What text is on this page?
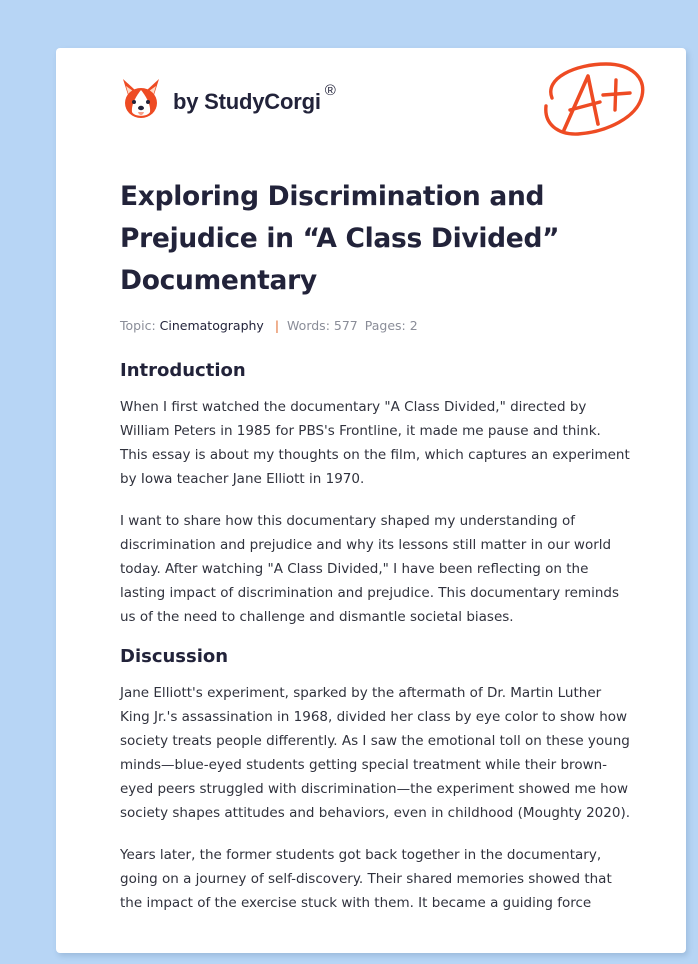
by StudyCorgi ®
Exploring Discrimination and Prejudice in “A Class Divided” Documentary
Topic: Cinematography | Words: 577 Pages: 2
Introduction

When I first watched the documentary "A Class Divided," directed by William Peters in 1985 for PBS's Frontline, it made me pause and think. This essay is about my thoughts on the film, which captures an experiment by Iowa teacher Jane Elliott in 1970.

I want to share how this documentary shaped my understanding of discrimination and prejudice and why its lessons still matter in our world today. After watching "A Class Divided," I have been reflecting on the lasting impact of discrimination and prejudice. This documentary reminds us of the need to challenge and dismantle societal biases.

Discussion

Jane Elliott's experiment, sparked by the aftermath of Dr. Martin Luther King Jr.'s assassination in 1968, divided her class by eye color to show how society treats people differently. As I saw the emotional toll on these young minds—blue-eyed students getting special treatment while their brown-eyed peers struggled with discrimination—the experiment showed me how society shapes attitudes and behaviors, even in childhood (Moughty 2020).

Years later, the former students got back together in the documentary, going on a journey of self-discovery. Their shared memories showed that the impact of the exercise stuck with them. It became a guiding force
